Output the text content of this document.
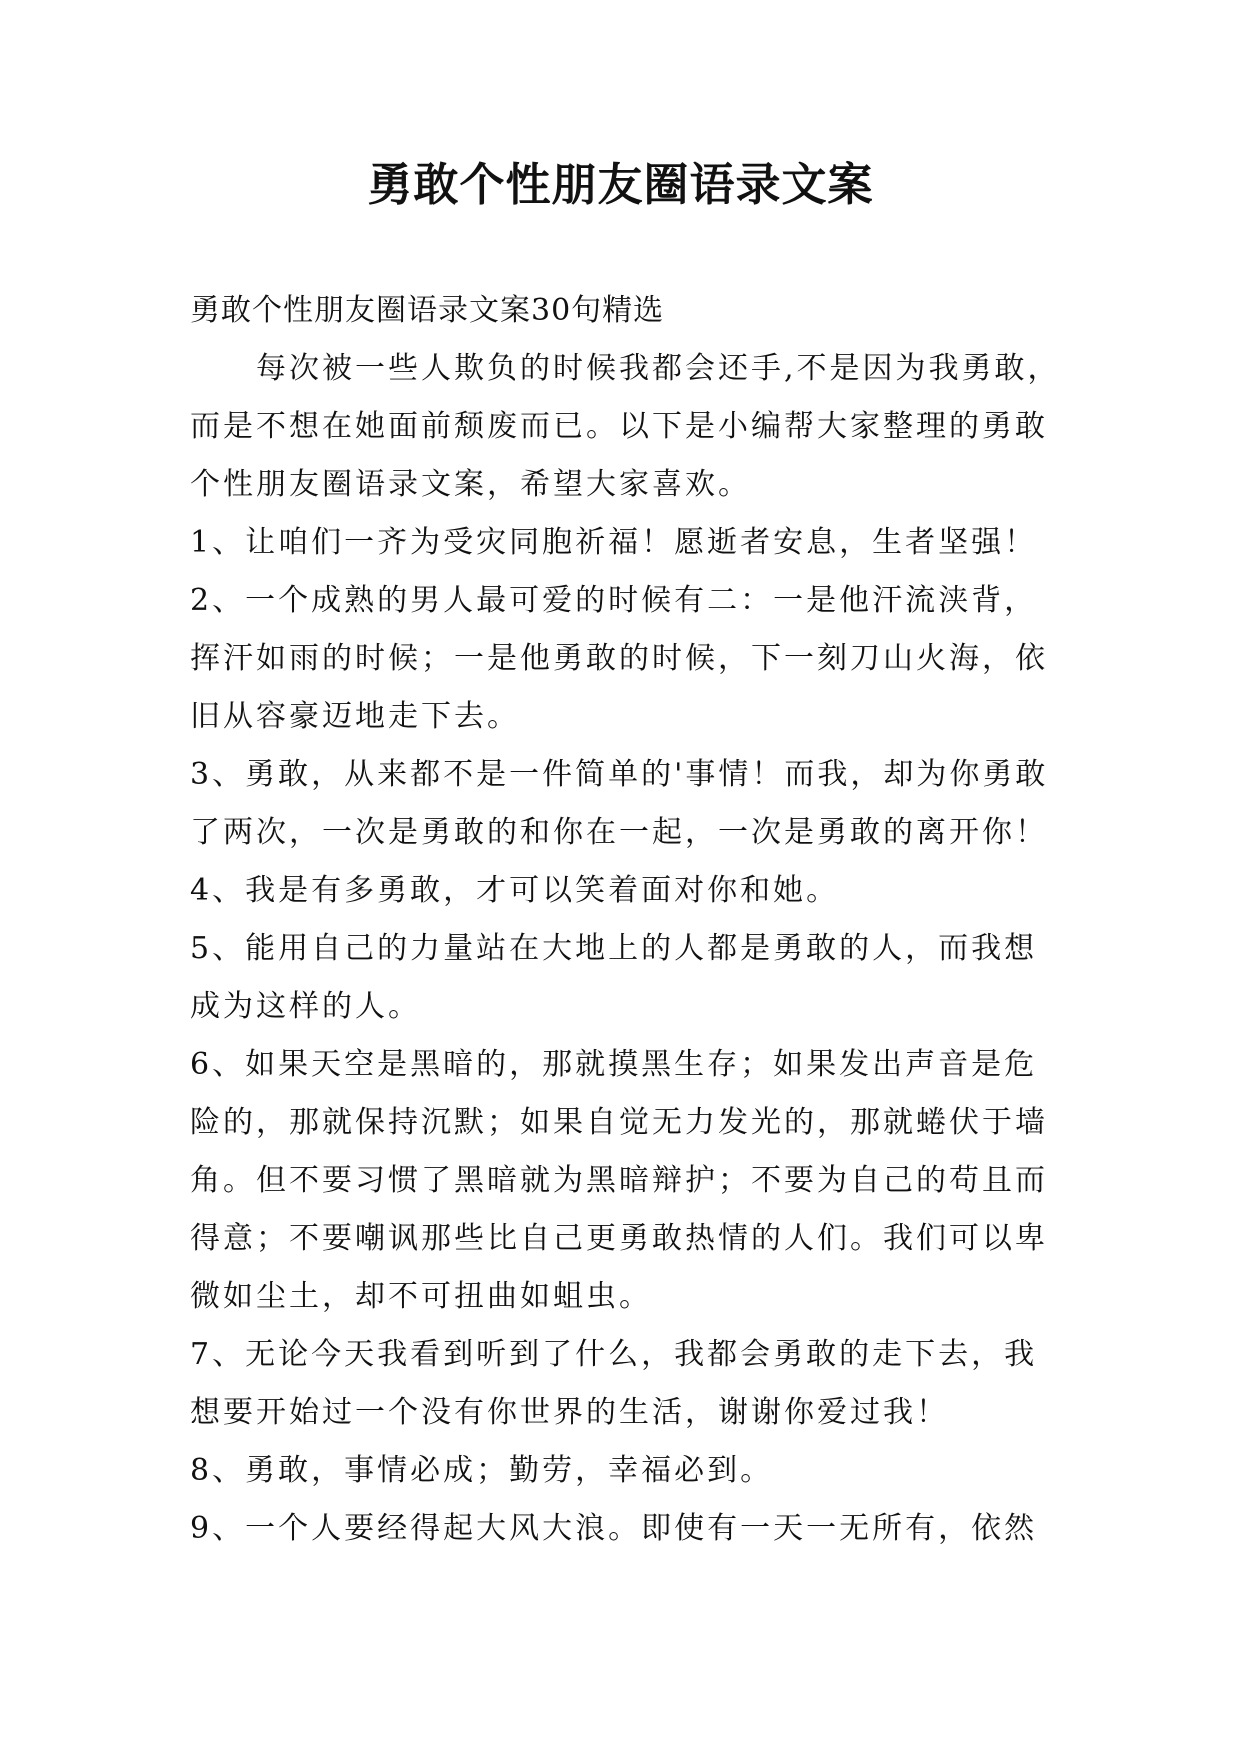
勇敢个性朋友圈语录文案

勇敢个性朋友圈语录文案30句精选

每次被一些人欺负的时候我都会还手,不是因为我勇敢，

而是不想在她面前颓废而已。以下是小编帮大家整理的勇敢

个性朋友圈语录文案，希望大家喜欢。

1、让咱们一齐为受灾同胞祈福！愿逝者安息，生者坚强！

2、一个成熟的男人最可爱的时候有二：一是他汗流浃背，

挥汗如雨的时候；一是他勇敢的时候，下一刻刀山火海，依

旧从容豪迈地走下去。

3、勇敢，从来都不是一件简单的'事情！而我，却为你勇敢

了两次，一次是勇敢的和你在一起，一次是勇敢的离开你！

4、我是有多勇敢，才可以笑着面对你和她。

5、能用自己的力量站在大地上的人都是勇敢的人，而我想

成为这样的人。

6、如果天空是黑暗的，那就摸黑生存；如果发出声音是危

险的，那就保持沉默；如果自觉无力发光的，那就蜷伏于墙

角。但不要习惯了黑暗就为黑暗辩护；不要为自己的苟且而

得意；不要嘲讽那些比自己更勇敢热情的人们。我们可以卑

微如尘土，却不可扭曲如蛆虫。

7、无论今天我看到听到了什么，我都会勇敢的走下去，我

想要开始过一个没有你世界的生活，谢谢你爱过我！

8、勇敢，事情必成；勤劳，幸福必到。

9、一个人要经得起大风大浪。即使有一天一无所有，依然
